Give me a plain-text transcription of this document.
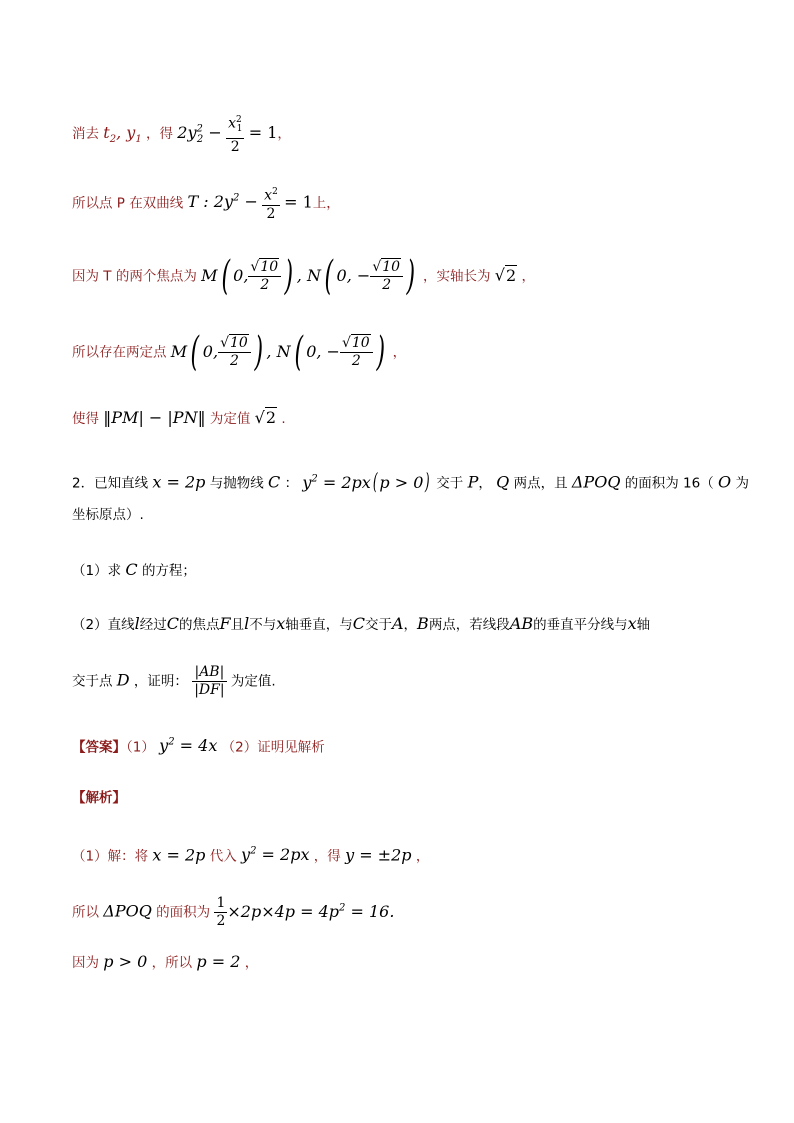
消去 $t_2$, $y_1$ ，得 $2y^2_2 - \frac{x^2_1}{2} = 1$，
所以点 P 在双曲线 T : $2y^2 - \frac{x^2}{2} = 1$上，
因为 T 的两个焦点为 M( 0, $\frac{√10}{2}$ ) , N( 0, − $\frac{√10}{2}$ ) ，实轴长为 √2 ，
所以存在两定点 M( 0, $\frac{√10}{2}$ ) , N( 0, − $\frac{√10}{2}$ ) ，
使得 ‖PM| − |PN‖ 为定值 √2 .
2．已知直线 x = 2p 与抛物线 C ： $y^2 = 2px$( p > 0) 交于 P， Q 两点，且 ΔPOQ 的面积为 16（ O 为
坐标原点）.
（1）求 C 的方程；
（2）直线l经过C的焦点F且l不与x轴垂直，与C交于A，B两点，若线段AB的垂直平分线与x轴
交于点 D ，证明： $\frac{|AB|}{|DF|}$ 为定值.
【答案】（1） $y^2 = 4x$ （2）证明见解析
【解析】
（1）解：将 x = 2p 代入 $y^2 = 2px$ ，得 y = ±2p ，
所以 ΔPOQ 的面积为 $\frac{1}{2} \times 2p\times 4p = 4p^2 = 16$.
因为 p > 0 ，所以 p = 2 ，
